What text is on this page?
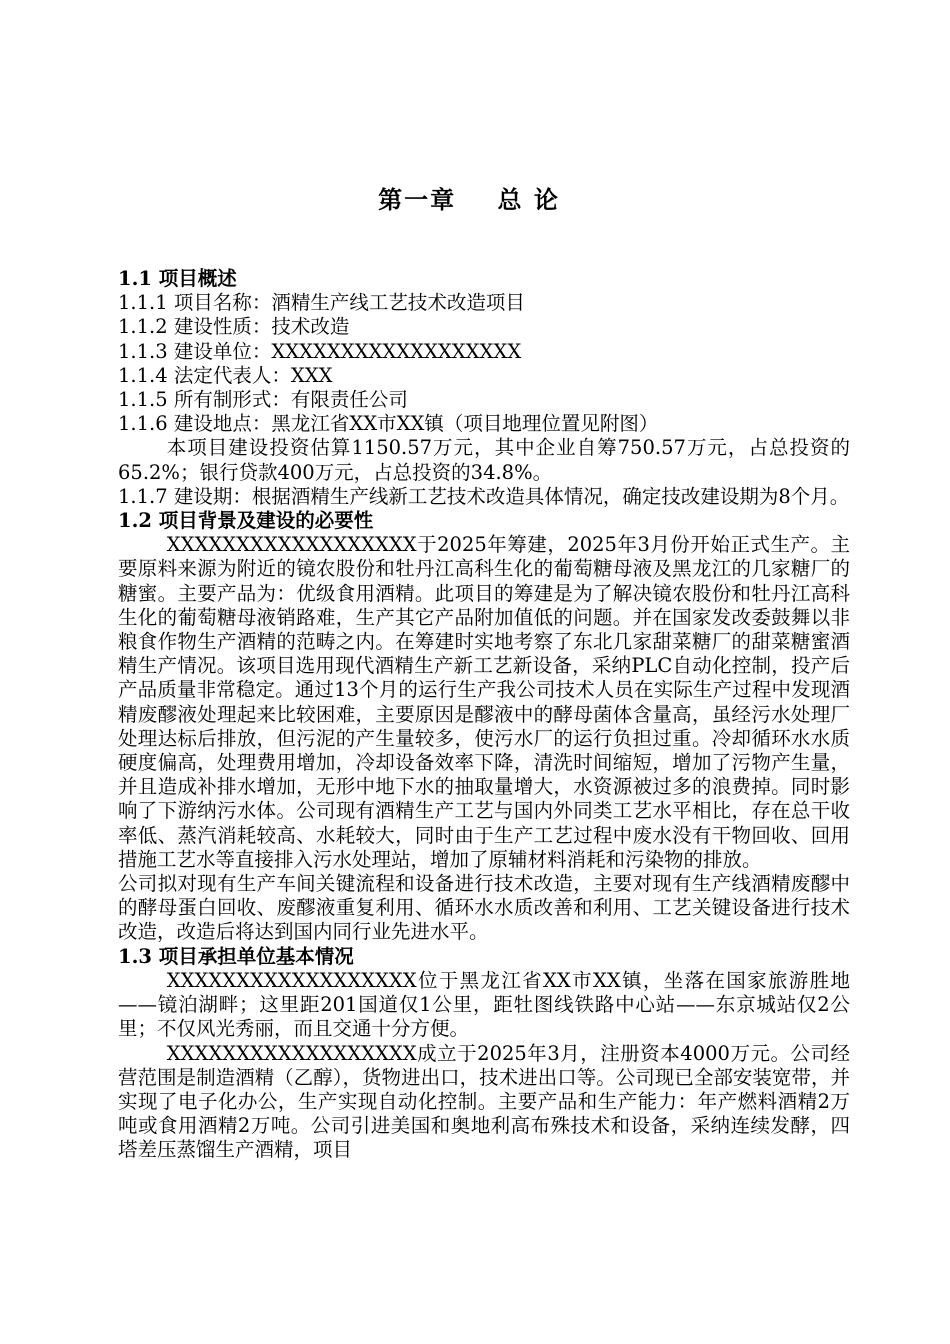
第一章    总 论

1.1 项目概述

1.1.1 项目名称：酒精生产线工艺技术改造项目

1.1.2 建设性质：技术改造

1.1.3 建设单位：XXXXXXXXXXXXXXXXXX

1.1.4 法定代表人：XXX

1.1.5 所有制形式：有限责任公司

1.1.6 建设地点：黑龙江省XX市XX镇（项目地理位置见附图）

本项目建设投资估算1150.57万元，其中企业自筹750.57万元，占总投资的65.2%；银行贷款400万元，占总投资的34.8%。

1.1.7 建设期：根据酒精生产线新工艺技术改造具体情况，确定技改建设期为8个月。

1.2 项目背景及建设的必要性

XXXXXXXXXXXXXXXXXX于2025年筹建，2025年3月份开始正式生产。主要原料来源为附近的镜农股份和牡丹江高科生化的葡萄糖母液及黑龙江的几家糖厂的糖蜜。主要产品为：优级食用酒精。此项目的筹建是为了解决镜农股份和牡丹江高科生化的葡萄糖母液销路难，生产其它产品附加值低的问题。并在国家发改委鼓舞以非粮食作物生产酒精的范畴之内。在筹建时实地考察了东北几家甜菜糖厂的甜菜糖蜜酒精生产情况。该项目选用现代酒精生产新工艺新设备，采纳PLC自动化控制，投产后产品质量非常稳定。通过13个月的运行生产我公司技术人员在实际生产过程中发现酒精废醪液处理起来比较困难，主要原因是醪液中的酵母菌体含量高，虽经污水处理厂处理达标后排放，但污泥的产生量较多，使污水厂的运行负担过重。冷却循环水水质硬度偏高，处理费用增加，冷却设备效率下降，清洗时间缩短，增加了污物产生量，并且造成补排水增加，无形中地下水的抽取量增大，水资源被过多的浪费掉。同时影响了下游纳污水体。公司现有酒精生产工艺与国内外同类工艺水平相比，存在总干收率低、蒸汽消耗较高、水耗较大，同时由于生产工艺过程中废水没有干物回收、回用措施工艺水等直接排入污水处理站，增加了原辅材料消耗和污染物的排放。

公司拟对现有生产车间关键流程和设备进行技术改造，主要对现有生产线酒精废醪中的酵母蛋白回收、废醪液重复利用、循环水水质改善和利用、工艺关键设备进行技术改造，改造后将达到国内同行业先进水平。

1.3 项目承担单位基本情况

XXXXXXXXXXXXXXXXXX位于黑龙江省XX市XX镇，坐落在国家旅游胜地——镜泊湖畔；这里距201国道仅1公里，距牡图线铁路中心站——东京城站仅2公里；不仅风光秀丽，而且交通十分方便。

XXXXXXXXXXXXXXXXXX成立于2025年3月，注册资本4000万元。公司经营范围是制造酒精（乙醇），货物进出口，技术进出口等。公司现已全部安装宽带，并实现了电子化办公，生产实现自动化控制。主要产品和生产能力：年产燃料酒精2万吨或食用酒精2万吨。公司引进美国和奥地利高布殊技术和设备，采纳连续发酵，四塔差压蒸馏生产酒精，项目
